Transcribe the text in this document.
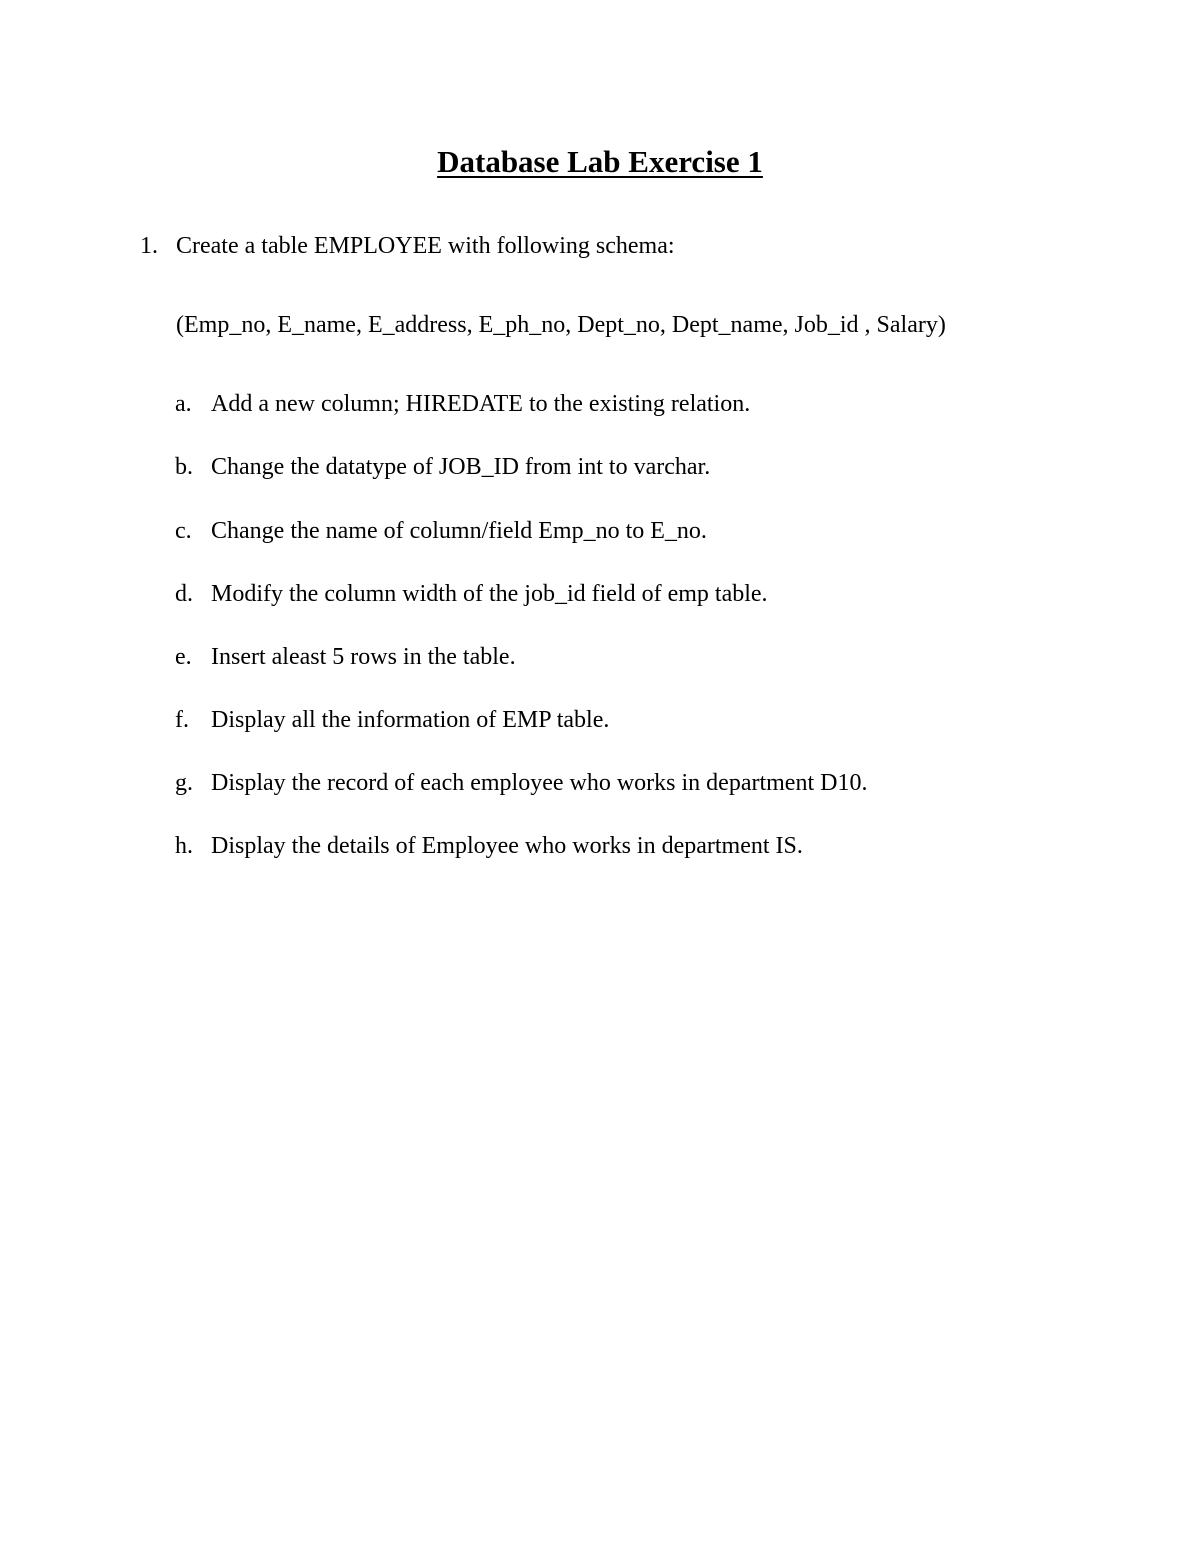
Database Lab Exercise 1
1. Create a table EMPLOYEE with following schema:
(Emp_no, E_name, E_address, E_ph_no, Dept_no, Dept_name, Job_id , Salary)
a. Add a new column; HIREDATE to the existing relation.
b. Change the datatype of JOB_ID from int to varchar.
c. Change the name of column/field Emp_no to E_no.
d. Modify the column width of the job_id field of emp table.
e. Insert aleast 5 rows in the table.
f. Display all the information of EMP table.
g. Display the record of each employee who works in department D10.
h. Display the details of Employee who works in department IS.
